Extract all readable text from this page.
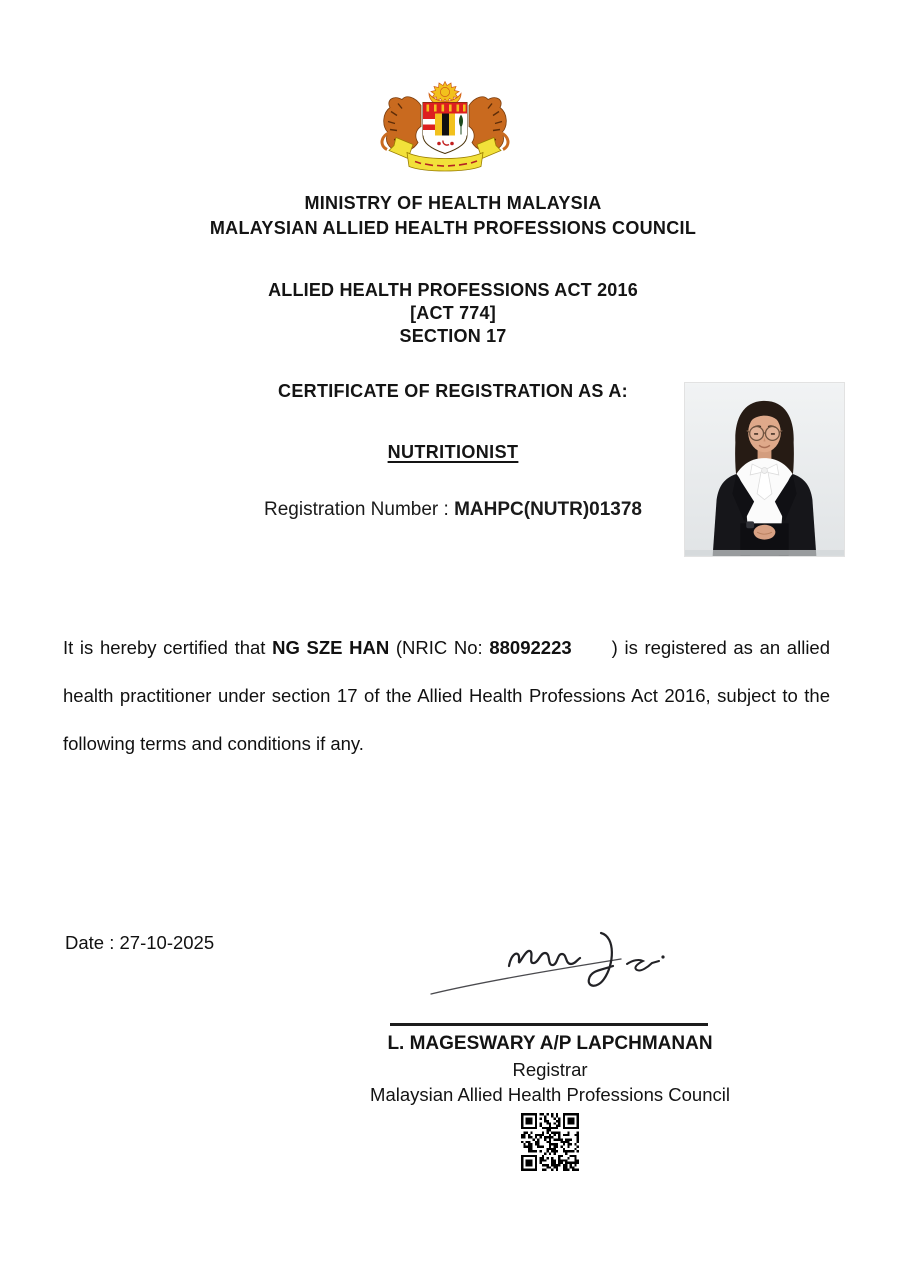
MINISTRY OF HEALTH MALAYSIA
MALAYSIAN ALLIED HEALTH PROFESSIONS COUNCIL
ALLIED HEALTH PROFESSIONS ACT 2016
[ACT 774]
SECTION 17
CERTIFICATE OF REGISTRATION AS A:
NUTRITIONIST
Registration Number : MAHPC(NUTR)01378
It is hereby certified that NG SZE HAN (NRIC No: 88092223 ) is registered as an allied
health practitioner under section 17 of the Allied Health Professions Act 2016, subject to the
following terms and conditions if any.
Date : 27-10-2025
L. MAGESWARY A/P LAPCHMANAN
Registrar
Malaysian Allied Health Professions Council
